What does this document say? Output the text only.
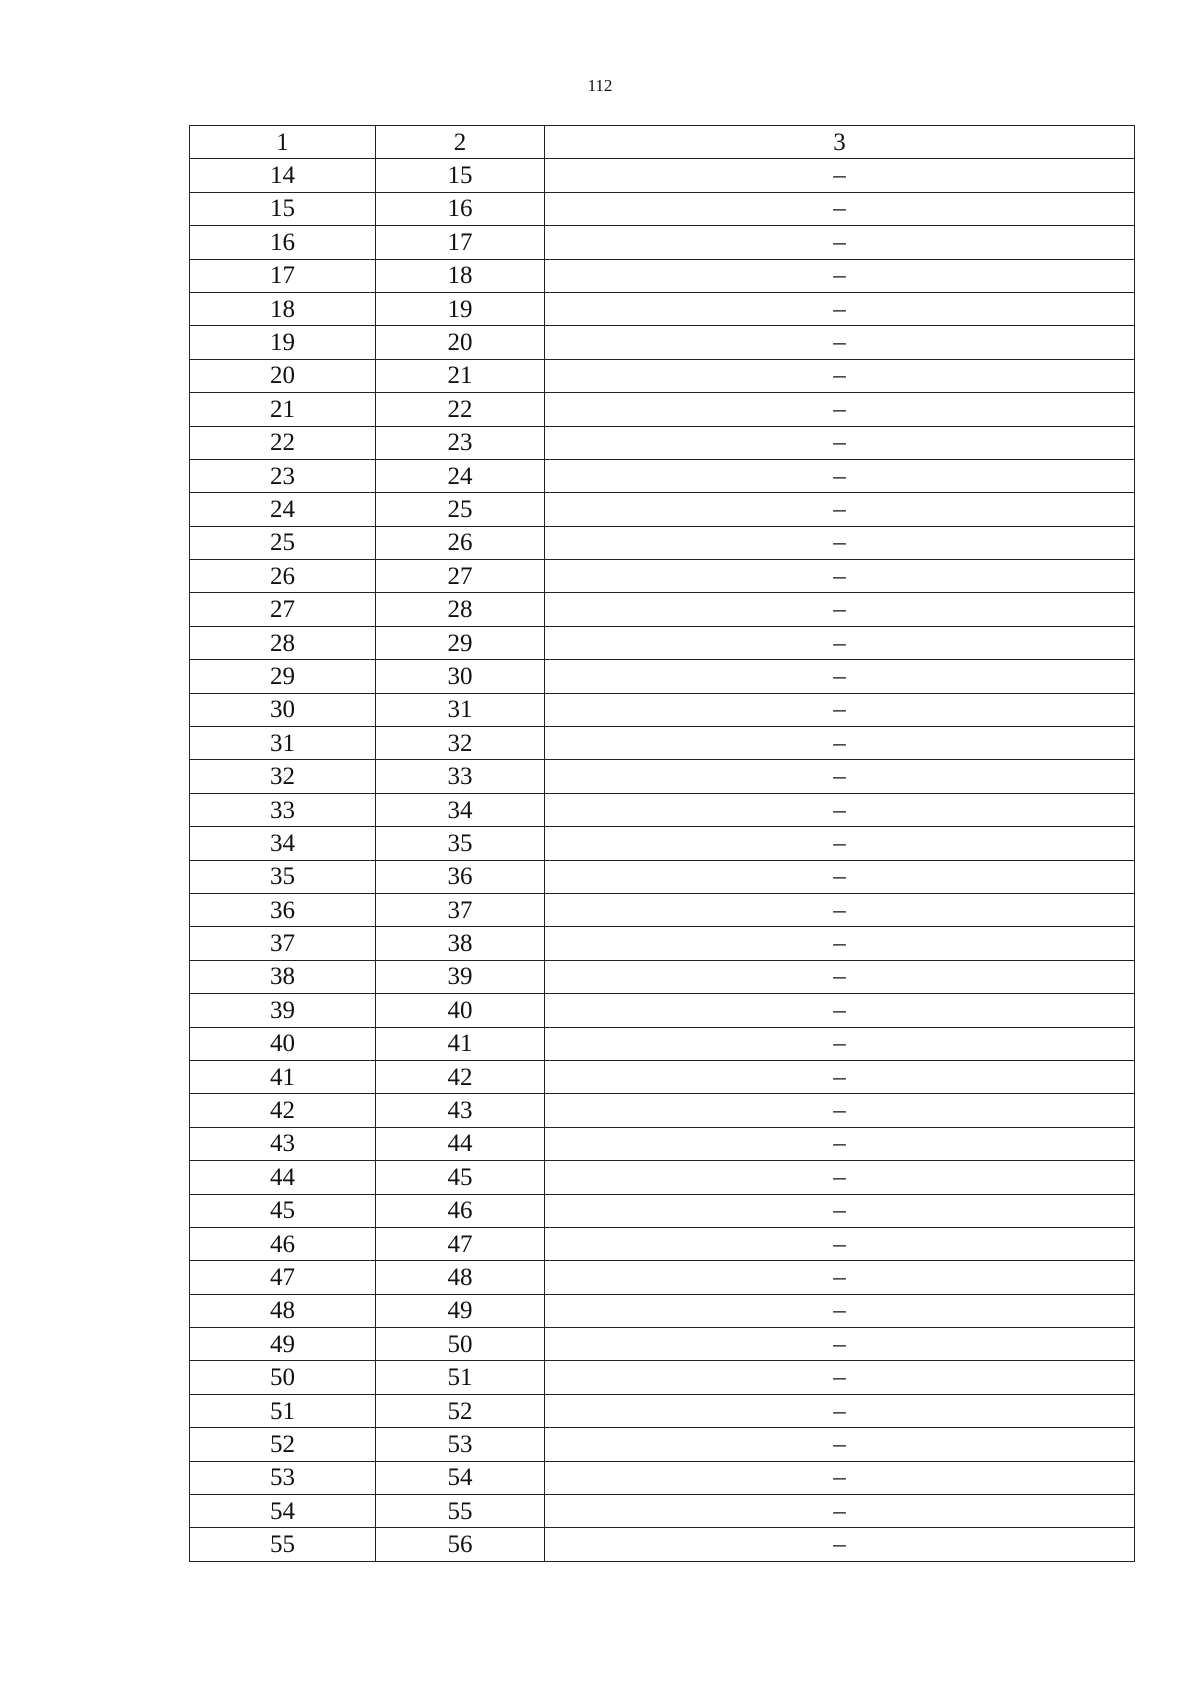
112
1	2	3
14	15	–
15	16	–
16	17	–
17	18	–
18	19	–
19	20	–
20	21	–
21	22	–
22	23	–
23	24	–
24	25	–
25	26	–
26	27	–
27	28	–
28	29	–
29	30	–
30	31	–
31	32	–
32	33	–
33	34	–
34	35	–
35	36	–
36	37	–
37	38	–
38	39	–
39	40	–
40	41	–
41	42	–
42	43	–
43	44	–
44	45	–
45	46	–
46	47	–
47	48	–
48	49	–
49	50	–
50	51	–
51	52	–
52	53	–
53	54	–
54	55	–
55	56	–
